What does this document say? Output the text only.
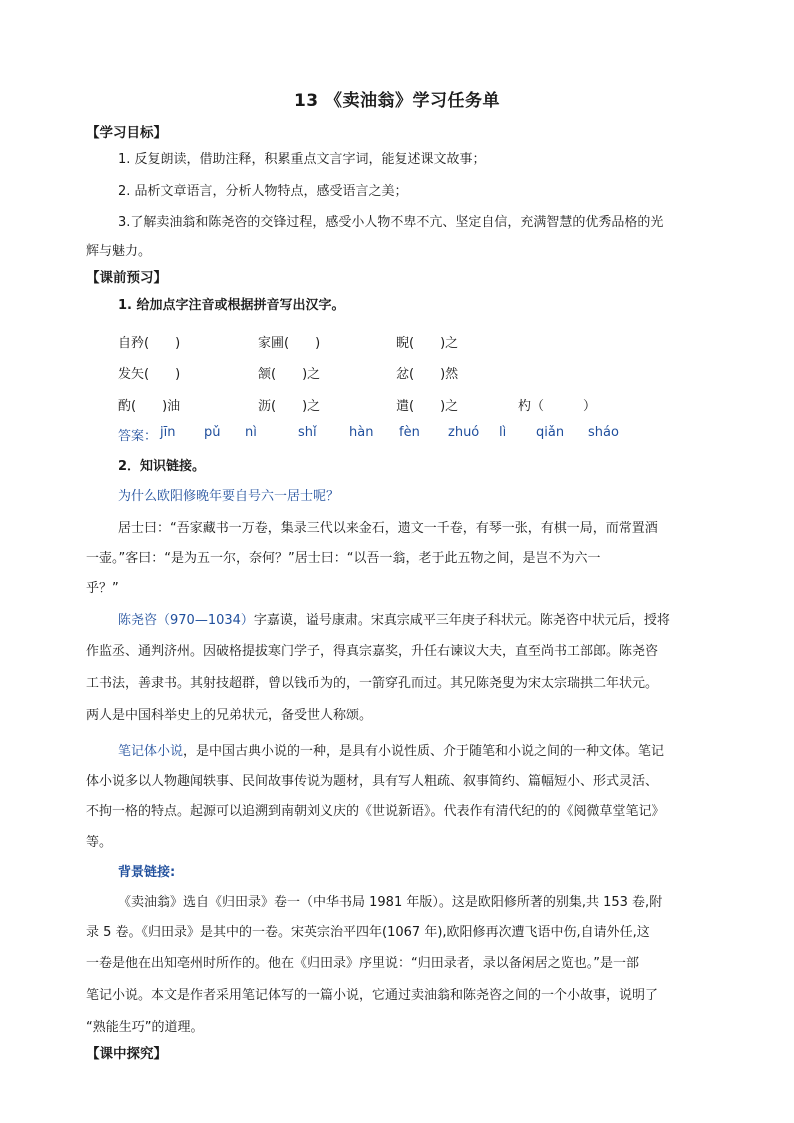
13 《卖油翁》学习任务单
【学习目标】
1. 反复朗读，借助注释，积累重点文言字词，能复述课文故事；
2. 品析文章语言，分析人物特点，感受语言之美；
3.了解卖油翁和陈尧咨的交锋过程，感受小人物不卑不亢、坚定自信，充满智慧的优秀品格的光
辉与魅力。
【课前预习】
1. 给加点字注音或根据拼音写出汉字。
自矜(　　)	家圃(　　)	睨(　　)之
发矢(　　)	颔(　　)之	忿(　　)然
酌(　　)油	沥(　　)之	遣(　　)之	杓（　　　）
答案： jīn pǔ nì	shǐ hàn fèn zhuó lì qiǎn sháo
2．知识链接。
为什么欧阳修晚年要自号六一居士呢？
居士曰：“吾家藏书一万卷，集录三代以来金石，遗文一千卷，有琴一张，有棋一局，而常置酒
一壶。”客曰：“是为五一尔，奈何？”居士曰：“以吾一翁，老于此五物之间，是岂不为六一
乎？”
陈尧咨（970—1034）字嘉谟，谥号康肃。宋真宗咸平三年庚子科状元。陈尧咨中状元后，授将
作监丞、通判济州。因破格提拔寒门学子，得真宗嘉奖，升任右谏议大夫，直至尚书工部郎。陈尧咨
工书法，善隶书。其射技超群，曾以钱币为的，一箭穿孔而过。其兄陈尧叟为宋太宗瑞拱二年状元。
两人是中国科举史上的兄弟状元，备受世人称颂。
笔记体小说，是中国古典小说的一种，是具有小说性质、介于随笔和小说之间的一种文体。笔记
体小说多以人物趣闻轶事、民间故事传说为题材，具有写人粗疏、叙事简约、篇幅短小、形式灵活、
不拘一格的特点。起源可以追溯到南朝刘义庆的《世说新语》。代表作有清代纪的的《阅微草堂笔记》
等。
背景链接:
《卖油翁》选自《归田录》卷一（中华书局 1981 年版）。这是欧阳修所著的别集,共 153 卷,附
录 5 卷。《归田录》是其中的一卷。宋英宗治平四年(1067 年),欧阳修再次遭飞语中伤,自请外任,这
一卷是他在出知亳州时所作的。他在《归田录》序里说：“归田录者，录以备闲居之览也。”是一部
笔记小说。本文是作者采用笔记体写的一篇小说，它通过卖油翁和陈尧咨之间的一个小故事，说明了
“熟能生巧”的道理。
【课中探究】
